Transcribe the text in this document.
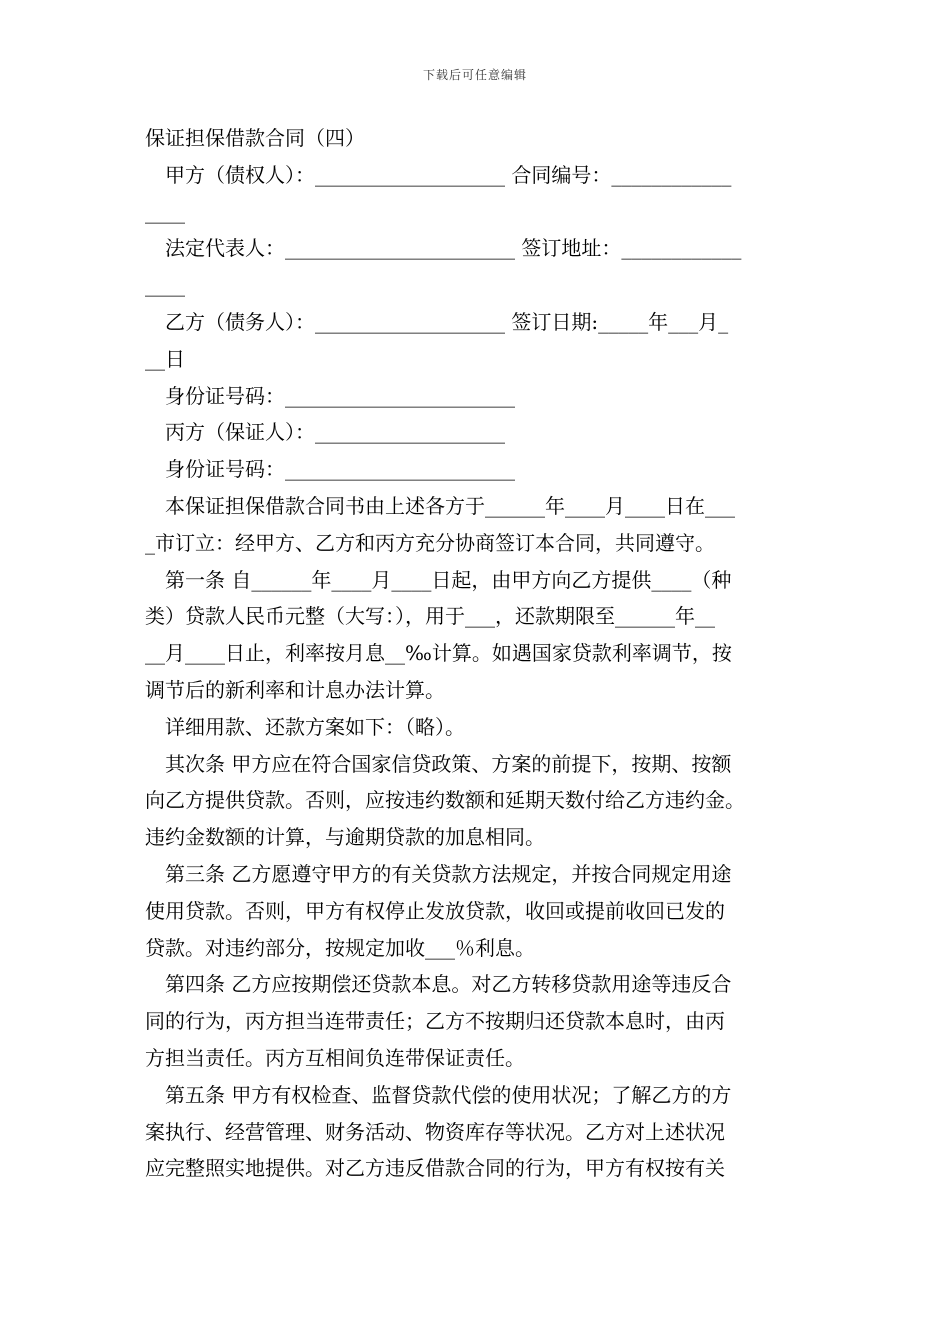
下载后可任意编辑

保证担保借款合同（四）

甲方（债权人）：___________________ 合同编号：____________

____

法定代表人：_______________________ 签订地址：____________

____

乙方（债务人）：___________________ 签订日期:_____年___月_

__日

身份证号码：_______________________

丙方（保证人）：___________________

身份证号码：_______________________

本保证担保借款合同书由上述各方于______年____月____日在___

_市订立：经甲方、乙方和丙方充分协商签订本合同，共同遵守。

第一条 自______年____月____日起，由甲方向乙方提供____（种

类）贷款人民币元整（大写：），用于___，还款期限至______年__

__月____日止，利率按月息__‰计算。如遇国家贷款利率调节，按

调节后的新利率和计息办法计算。

详细用款、还款方案如下：（略）。

其次条 甲方应在符合国家信贷政策、方案的前提下，按期、按额

向乙方提供贷款。否则，应按违约数额和延期天数付给乙方违约金。

违约金数额的计算，与逾期贷款的加息相同。

第三条 乙方愿遵守甲方的有关贷款方法规定，并按合同规定用途

使用贷款。否则，甲方有权停止发放贷款，收回或提前收回已发的

贷款。对违约部分，按规定加收___％利息。

第四条 乙方应按期偿还贷款本息。对乙方转移贷款用途等违反合

同的行为，丙方担当连带责任；乙方不按期归还贷款本息时，由丙

方担当责任。丙方互相间负连带保证责任。

第五条 甲方有权检查、监督贷款代偿的使用状况；了解乙方的方

案执行、经营管理、财务活动、物资库存等状况。乙方对上述状况

应完整照实地提供。对乙方违反借款合同的行为，甲方有权按有关
